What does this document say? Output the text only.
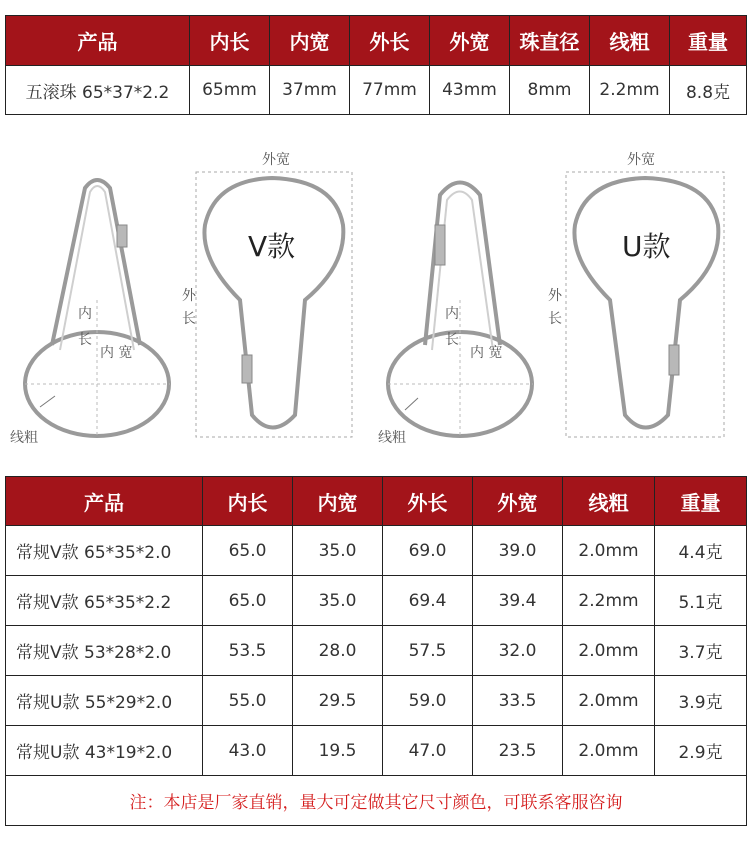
产品	内长	内宽	外长	外宽	珠直径	线粗	重量
五滚珠 65*37*2.2	65mm	37mm	77mm	43mm	8mm	2.2mm	8.8克
内
长
内 宽
线粗
外宽
外
长
V款
内
长
内 宽
线粗
外宽
外
长
U款
产品	内长	内宽	外长	外宽	线粗	重量
常规V款 65*35*2.0	65.0	35.0	69.0	39.0	2.0mm	4.4克
常规V款 65*35*2.2	65.0	35.0	69.4	39.4	2.2mm	5.1克
常规V款 53*28*2.0	53.5	28.0	57.5	32.0	2.0mm	3.7克
常规U款 55*29*2.0	55.0	29.5	59.0	33.5	2.0mm	3.9克
常规U款 43*19*2.0	43.0	19.5	47.0	23.5	2.0mm	2.9克
注：本店是厂家直销，量大可定做其它尺寸颜色，可联系客服咨询						
